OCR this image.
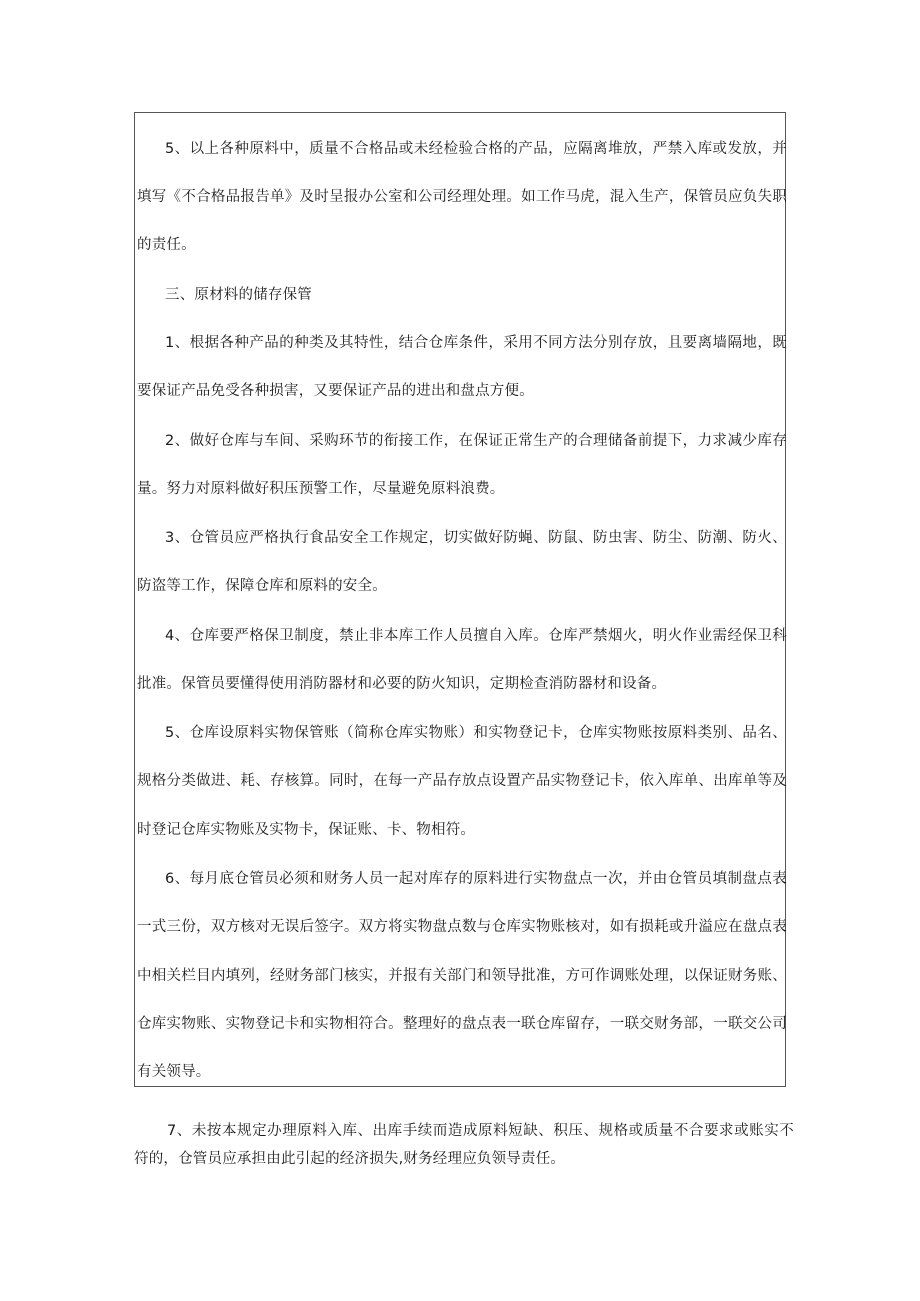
5、以上各种原料中，质量不合格品或未经检验合格的产品，应隔离堆放，严禁入库或发放，并
填写《不合格品报告单》及时呈报办公室和公司经理处理。如工作马虎，混入生产，保管员应负失职
的责任。
三、原材料的储存保管
1、根据各种产品的种类及其特性，结合仓库条件，采用不同方法分别存放，且要离墙隔地，既
要保证产品免受各种损害，又要保证产品的进出和盘点方便。
2、做好仓库与车间、采购环节的衔接工作，在保证正常生产的合理储备前提下，力求减少库存
量。努力对原料做好积压预警工作，尽量避免原料浪费。
3、仓管员应严格执行食品安全工作规定，切实做好防蝇、防鼠、防虫害、防尘、防潮、防火、
防盗等工作，保障仓库和原料的安全。
4、仓库要严格保卫制度，禁止非本库工作人员擅自入库。仓库严禁烟火，明火作业需经保卫科
批准。保管员要懂得使用消防器材和必要的防火知识，定期检查消防器材和设备。
5、仓库设原料实物保管账（简称仓库实物账）和实物登记卡，仓库实物账按原料类别、品名、
规格分类做进、耗、存核算。同时，在每一产品存放点设置产品实物登记卡，依入库单、出库单等及
时登记仓库实物账及实物卡，保证账、卡、物相符。
6、每月底仓管员必须和财务人员一起对库存的原料进行实物盘点一次，并由仓管员填制盘点表
一式三份，双方核对无误后签字。双方将实物盘点数与仓库实物账核对，如有损耗或升溢应在盘点表
中相关栏目内填列，经财务部门核实，并报有关部门和领导批准，方可作调账处理，以保证财务账、
仓库实物账、实物登记卡和实物相符合。整理好的盘点表一联仓库留存，一联交财务部，一联交公司
有关领导。
7、未按本规定办理原料入库、出库手续而造成原料短缺、积压、规格或质量不合要求或账实不
符的，仓管员应承担由此引起的经济损失,财务经理应负领导责任。
